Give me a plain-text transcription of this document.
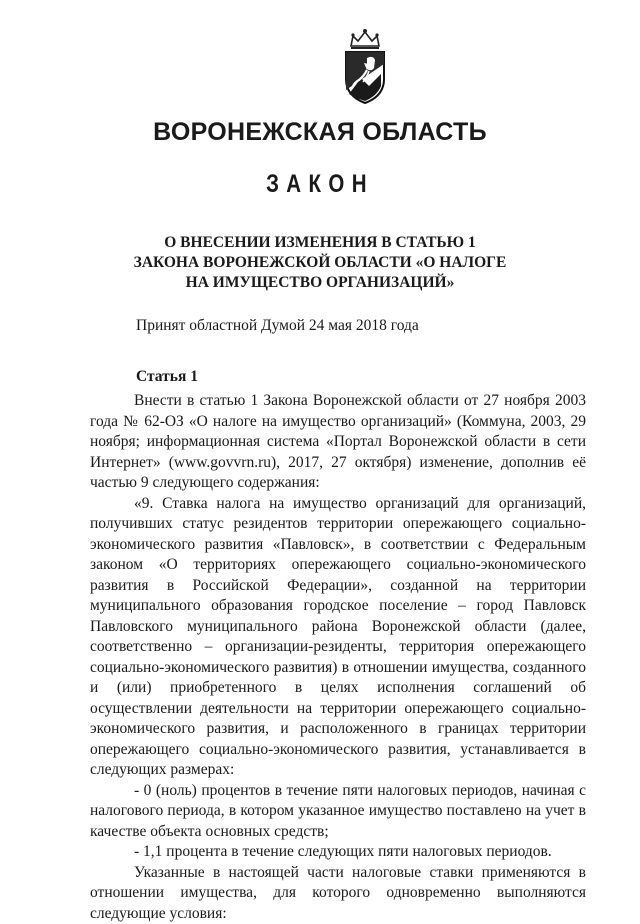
ВОРОНЕЖСКАЯ ОБЛАСТЬ
ЗАКОН
О ВНЕСЕНИИ ИЗМЕНЕНИЯ В СТАТЬЮ 1
ЗАКОНА ВОРОНЕЖСКОЙ ОБЛАСТИ «О НАЛОГЕ
НА ИМУЩЕСТВО ОРГАНИЗАЦИЙ»
Принят областной Думой 24 мая 2018 года
Статья 1

Внести в статью 1 Закона Воронежской области от 27 ноября 2003 года № 62-ОЗ «О налоге на имущество организаций» (Коммуна, 2003, 29 ноября; информационная система «Портал Воронежской области в сети Интернет» (www.govvrn.ru), 2017, 27 октября) изменение, дополнив её частью 9 следующего содержания:

«9. Ставка налога на имущество организаций для организаций, получивших статус резидентов территории опережающего социально-экономического развития «Павловск», в соответствии с Федеральным законом «О территориях опережающего социально-экономического развития в Российской Федерации», созданной на территории муниципального образования городское поселение – город Павловск Павловского муниципального района Воронежской области (далее, соответственно – организации-резиденты, территория опережающего социально-экономического развития) в отношении имущества, созданного и (или) приобретенного в целях исполнения соглашений об осуществлении деятельности на территории опережающего социально-экономического развития, и расположенного в границах территории опережающего социально-экономического развития, устанавливается в следующих размерах:

- 0 (ноль) процентов в течение пяти налоговых периодов, начиная с налогового периода, в котором указанное имущество поставлено на учет в качестве объекта основных средств;

- 1,1 процента в течение следующих пяти налоговых периодов.

Указанные в настоящей части налоговые ставки применяются в отношении имущества, для которого одновременно выполняются следующие условия:
